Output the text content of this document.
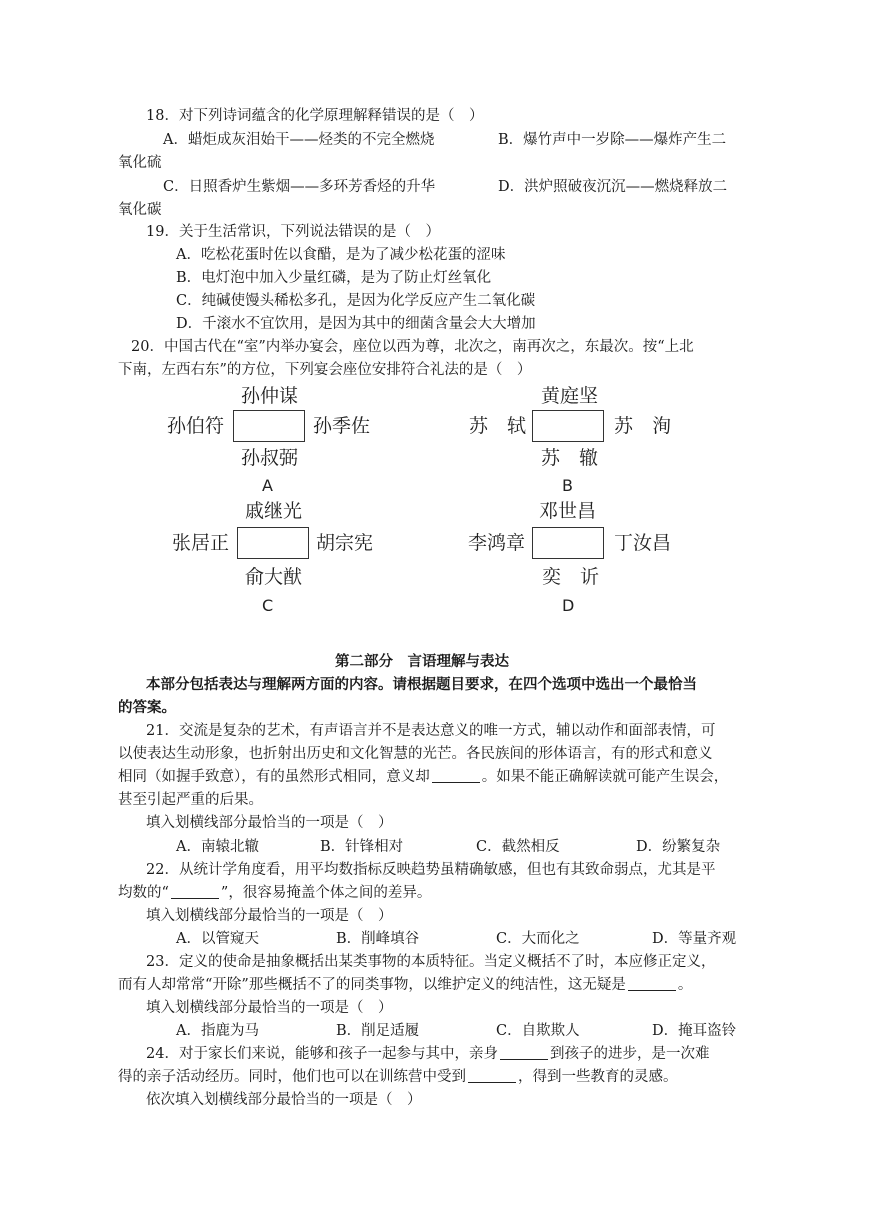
18．对下列诗词蕴含的化学原理解释错误的是（　）
A．蜡炬成灰泪始干——烃类的不完全燃烧	B．爆竹声中一岁除——爆炸产生二
氧化硫
C．日照香炉生紫烟——多环芳香烃的升华	D．洪炉照破夜沉沉——燃烧释放二
氧化碳
19．关于生活常识，下列说法错误的是（　）
A．吃松花蛋时佐以食醋，是为了减少松花蛋的涩味
B．电灯泡中加入少量红磷，是为了防止灯丝氧化
C．纯碱使馒头稀松多孔，是因为化学反应产生二氧化碳
D．千滚水不宜饮用，是因为其中的细菌含量会大大增加
20．中国古代在“室”内举办宴会，座位以西为尊，北次之，南再次之，东最次。按“上北
下南，左西右东”的方位，下列宴会座位安排符合礼法的是（　）
孙仲谋
孙伯符	孙季佐
孙叔弼
A
黄庭坚
苏　轼	苏　洵
苏　辙
B
戚继光
张居正	胡宗宪
俞大猷
C
邓世昌
李鸿章	丁汝昌
奕　䜣
D
第二部分　言语理解与表达
本部分包括表达与理解两方面的内容。请根据题目要求，在四个选项中选出一个最恰当
的答案。
21．交流是复杂的艺术，有声语言并不是表达意义的唯一方式，辅以动作和面部表情，可
以使表达生动形象，也折射出历史和文化智慧的光芒。各民族间的形体语言，有的形式和意义
相同（如握手致意），有的虽然形式相同，意义却	。如果不能正确解读就可能产生误会，
甚至引起严重的后果。
填入划横线部分最恰当的一项是（　）
A．南辕北辙	B．针锋相对	C．截然相反	D．纷繁复杂
22．从统计学角度看，用平均数指标反映趋势虽精确敏感，但也有其致命弱点，尤其是平
均数的“	”，很容易掩盖个体之间的差异。
填入划横线部分最恰当的一项是（　）
A．以管窥天	B．削峰填谷	C．大而化之	D．等量齐观
23．定义的使命是抽象概括出某类事物的本质特征。当定义概括不了时，本应修正定义，
而有人却常常“开除”那些概括不了的同类事物，以维护定义的纯洁性，这无疑是	。
填入划横线部分最恰当的一项是（　）
A．指鹿为马	B．削足适履	C．自欺欺人	D．掩耳盗铃
24．对于家长们来说，能够和孩子一起参与其中，亲身	到孩子的进步，是一次难
得的亲子活动经历。同时，他们也可以在训练营中受到	，得到一些教育的灵感。
依次填入划横线部分最恰当的一项是（　）
